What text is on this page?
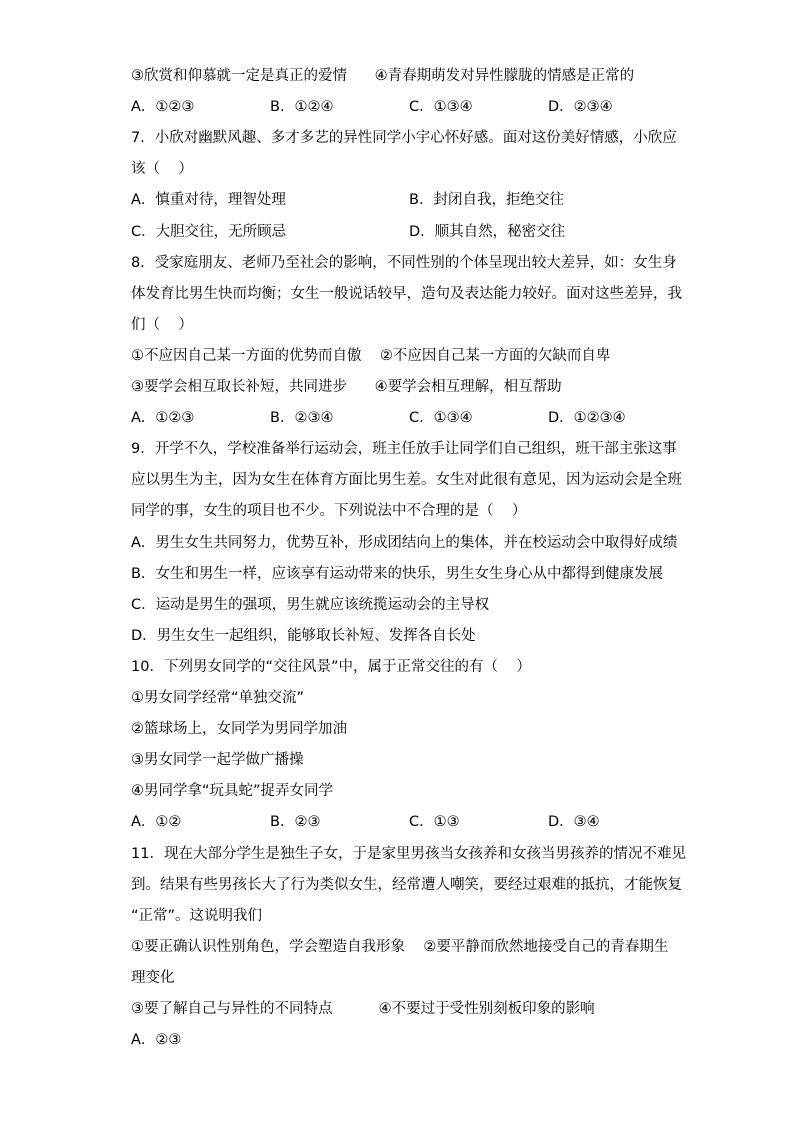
③欣赏和仰慕就一定是真正的爱情      ④青春期萌发对异性朦胧的情感是正常的
A．①②③	B．①②④	C．①③④	D．②③④
7．小欣对幽默风趣、多才多艺的异性同学小宇心怀好感。面对这份美好情感，小欣应
该（    ）
A．慎重对待，理智处理	B．封闭自我，拒绝交往
C．大胆交往，无所顾忌	D．顺其自然，秘密交往
8．受家庭朋友、老师乃至社会的影响，不同性别的个体呈现出较大差异，如：女生身
体发育比男生快而均衡；女生一般说话较早，造句及表达能力较好。面对这些差异，我
们（    ）
①不应因自己某一方面的优势而自傲    ②不应因自己某一方面的欠缺而自卑
③要学会相互取长补短，共同进步      ④要学会相互理解，相互帮助
A．①②③	B．②③④	C．①③④	D．①②③④
9．开学不久，学校准备举行运动会，班主任放手让同学们自己组织，班干部主张这事
应以男生为主，因为女生在体育方面比男生差。女生对此很有意见，因为运动会是全班
同学的事，女生的项目也不少。下列说法中不合理的是（    ）
A．男生女生共同努力，优势互补，形成团结向上的集体，并在校运动会中取得好成绩
B．女生和男生一样，应该享有运动带来的快乐，男生女生身心从中都得到健康发展
C．运动是男生的强项，男生就应该统揽运动会的主导权
D．男生女生一起组织，能够取长补短、发挥各自长处
10．下列男女同学的“交往风景”中，属于正常交往的有（    ）
①男女同学经常“单独交流”
②篮球场上，女同学为男同学加油
③男女同学一起学做广播操
④男同学拿“玩具蛇”捉弄女同学
A．①②	B．②③	C．①③	D．③④
11．现在大部分学生是独生子女，于是家里男孩当女孩养和女孩当男孩养的情况不难见
到。结果有些男孩长大了行为类似女生，经常遭人嘲笑，要经过艰难的抵抗，才能恢复
“正常”。这说明我们
①要正确认识性别角色，学会塑造自我形象    ②要平静而欣然地接受自己的青春期生
理变化
③要了解自己与异性的不同特点          ④不要过于受性别刻板印象的影响
A．②③
